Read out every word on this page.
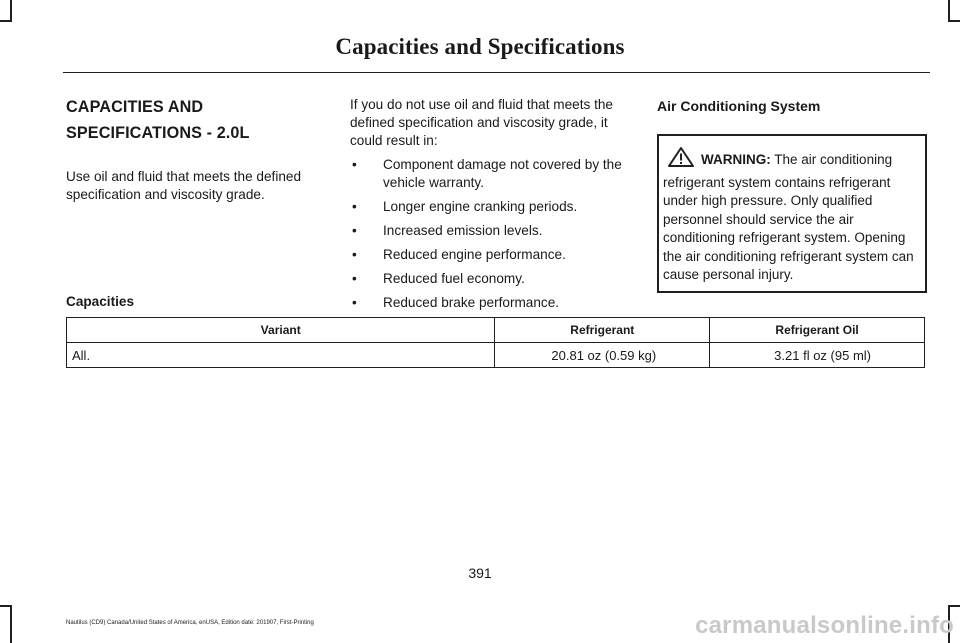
Capacities and Specifications
CAPACITIES AND SPECIFICATIONS - 2.0L

Use oil and fluid that meets the defined specification and viscosity grade.

If you do not use oil and fluid that meets the defined specification and viscosity grade, it could result in:

• Component damage not covered by the vehicle warranty.
• Longer engine cranking periods.
• Increased emission levels.
• Reduced engine performance.
• Reduced fuel economy.
• Reduced brake performance.
Air Conditioning System
WARNING: The air conditioning refrigerant system contains refrigerant under high pressure. Only qualified personnel should service the air conditioning refrigerant system. Opening the air conditioning refrigerant system can cause personal injury.
Capacities
Variant	Refrigerant	Refrigerant Oil
All.	20.81 oz (0.59 kg)	3.21 fl oz (95 ml)
391
Nautilus (CD9) Canada/United States of America, enUSA, Edition date: 201907, First-Printing	carmanualsonline.info
